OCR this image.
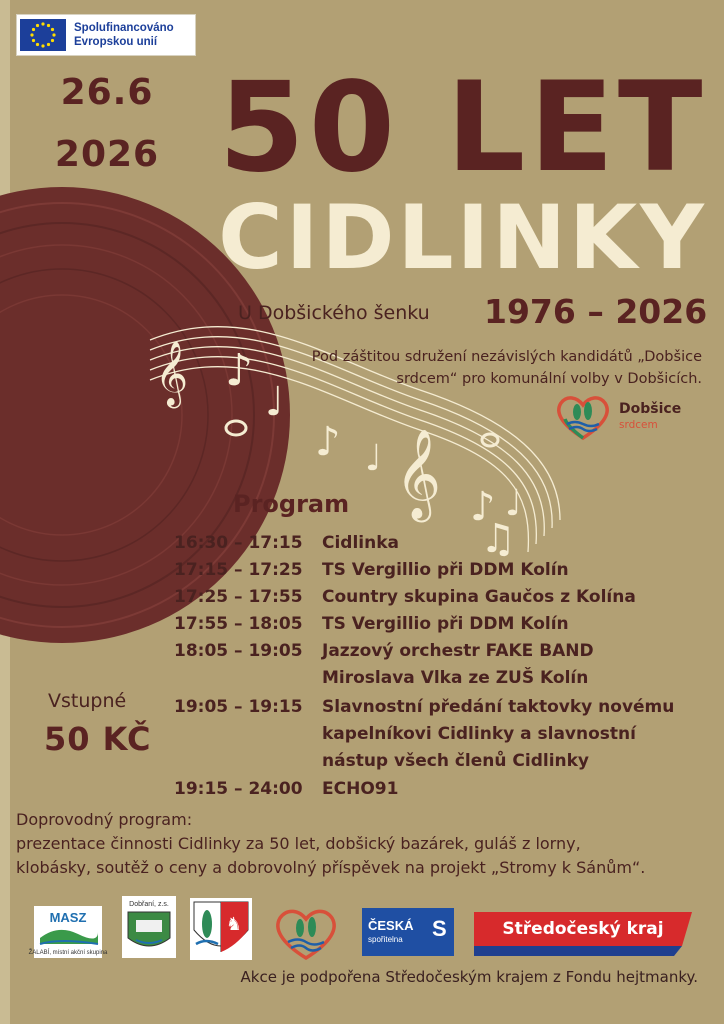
𝄞 ♪
♩
♪ ♩ 𝄞 ♪ ♩
♫
Spolufinancováno
Evropskou unií
26.6
2026 50 LET
CIDLINKY
U Dobšického šenku 1976 – 2026
Pod záštitou sdružení nezávislých kandidátů „Dobšice srdcem“ pro komunální volby v Dobšicích.
Dobšice
srdcem
Program
16:30 – 17:15 Cidlinka
17:15 – 17:25 TS Vergillio při DDM Kolín
17:25 – 17:55 Country skupina Gaučos z Kolína
17:55 – 18:05 TS Vergillio při DDM Kolín
18:05 – 19:05 Jazzový orchestr FAKE BAND
Miroslava Vlka ze ZUŠ Kolín
19:05 – 19:15 Slavnostní předání taktovky novému
kapelníkovi Cidlinky a slavnostní
nástup všech členů Cidlinky
19:15 – 24:00 ECHO91
Vstupné
50 KČ
Doprovodný program:
prezentace činnosti Cidlinky za 50 let, dobšický bazárek, guláš z lorny,
klobásky, soutěž o ceny a dobrovolný příspěvek na projekt „Stromy k Sánům“.
MASZ
ŽALABÍ, místní akční skupina
Dobřaní, z.s.
♞	ČESKÁ
spořitelna S	Středočeský kraj
Akce je podpořena Středočeským krajem z Fondu hejtmanky.
